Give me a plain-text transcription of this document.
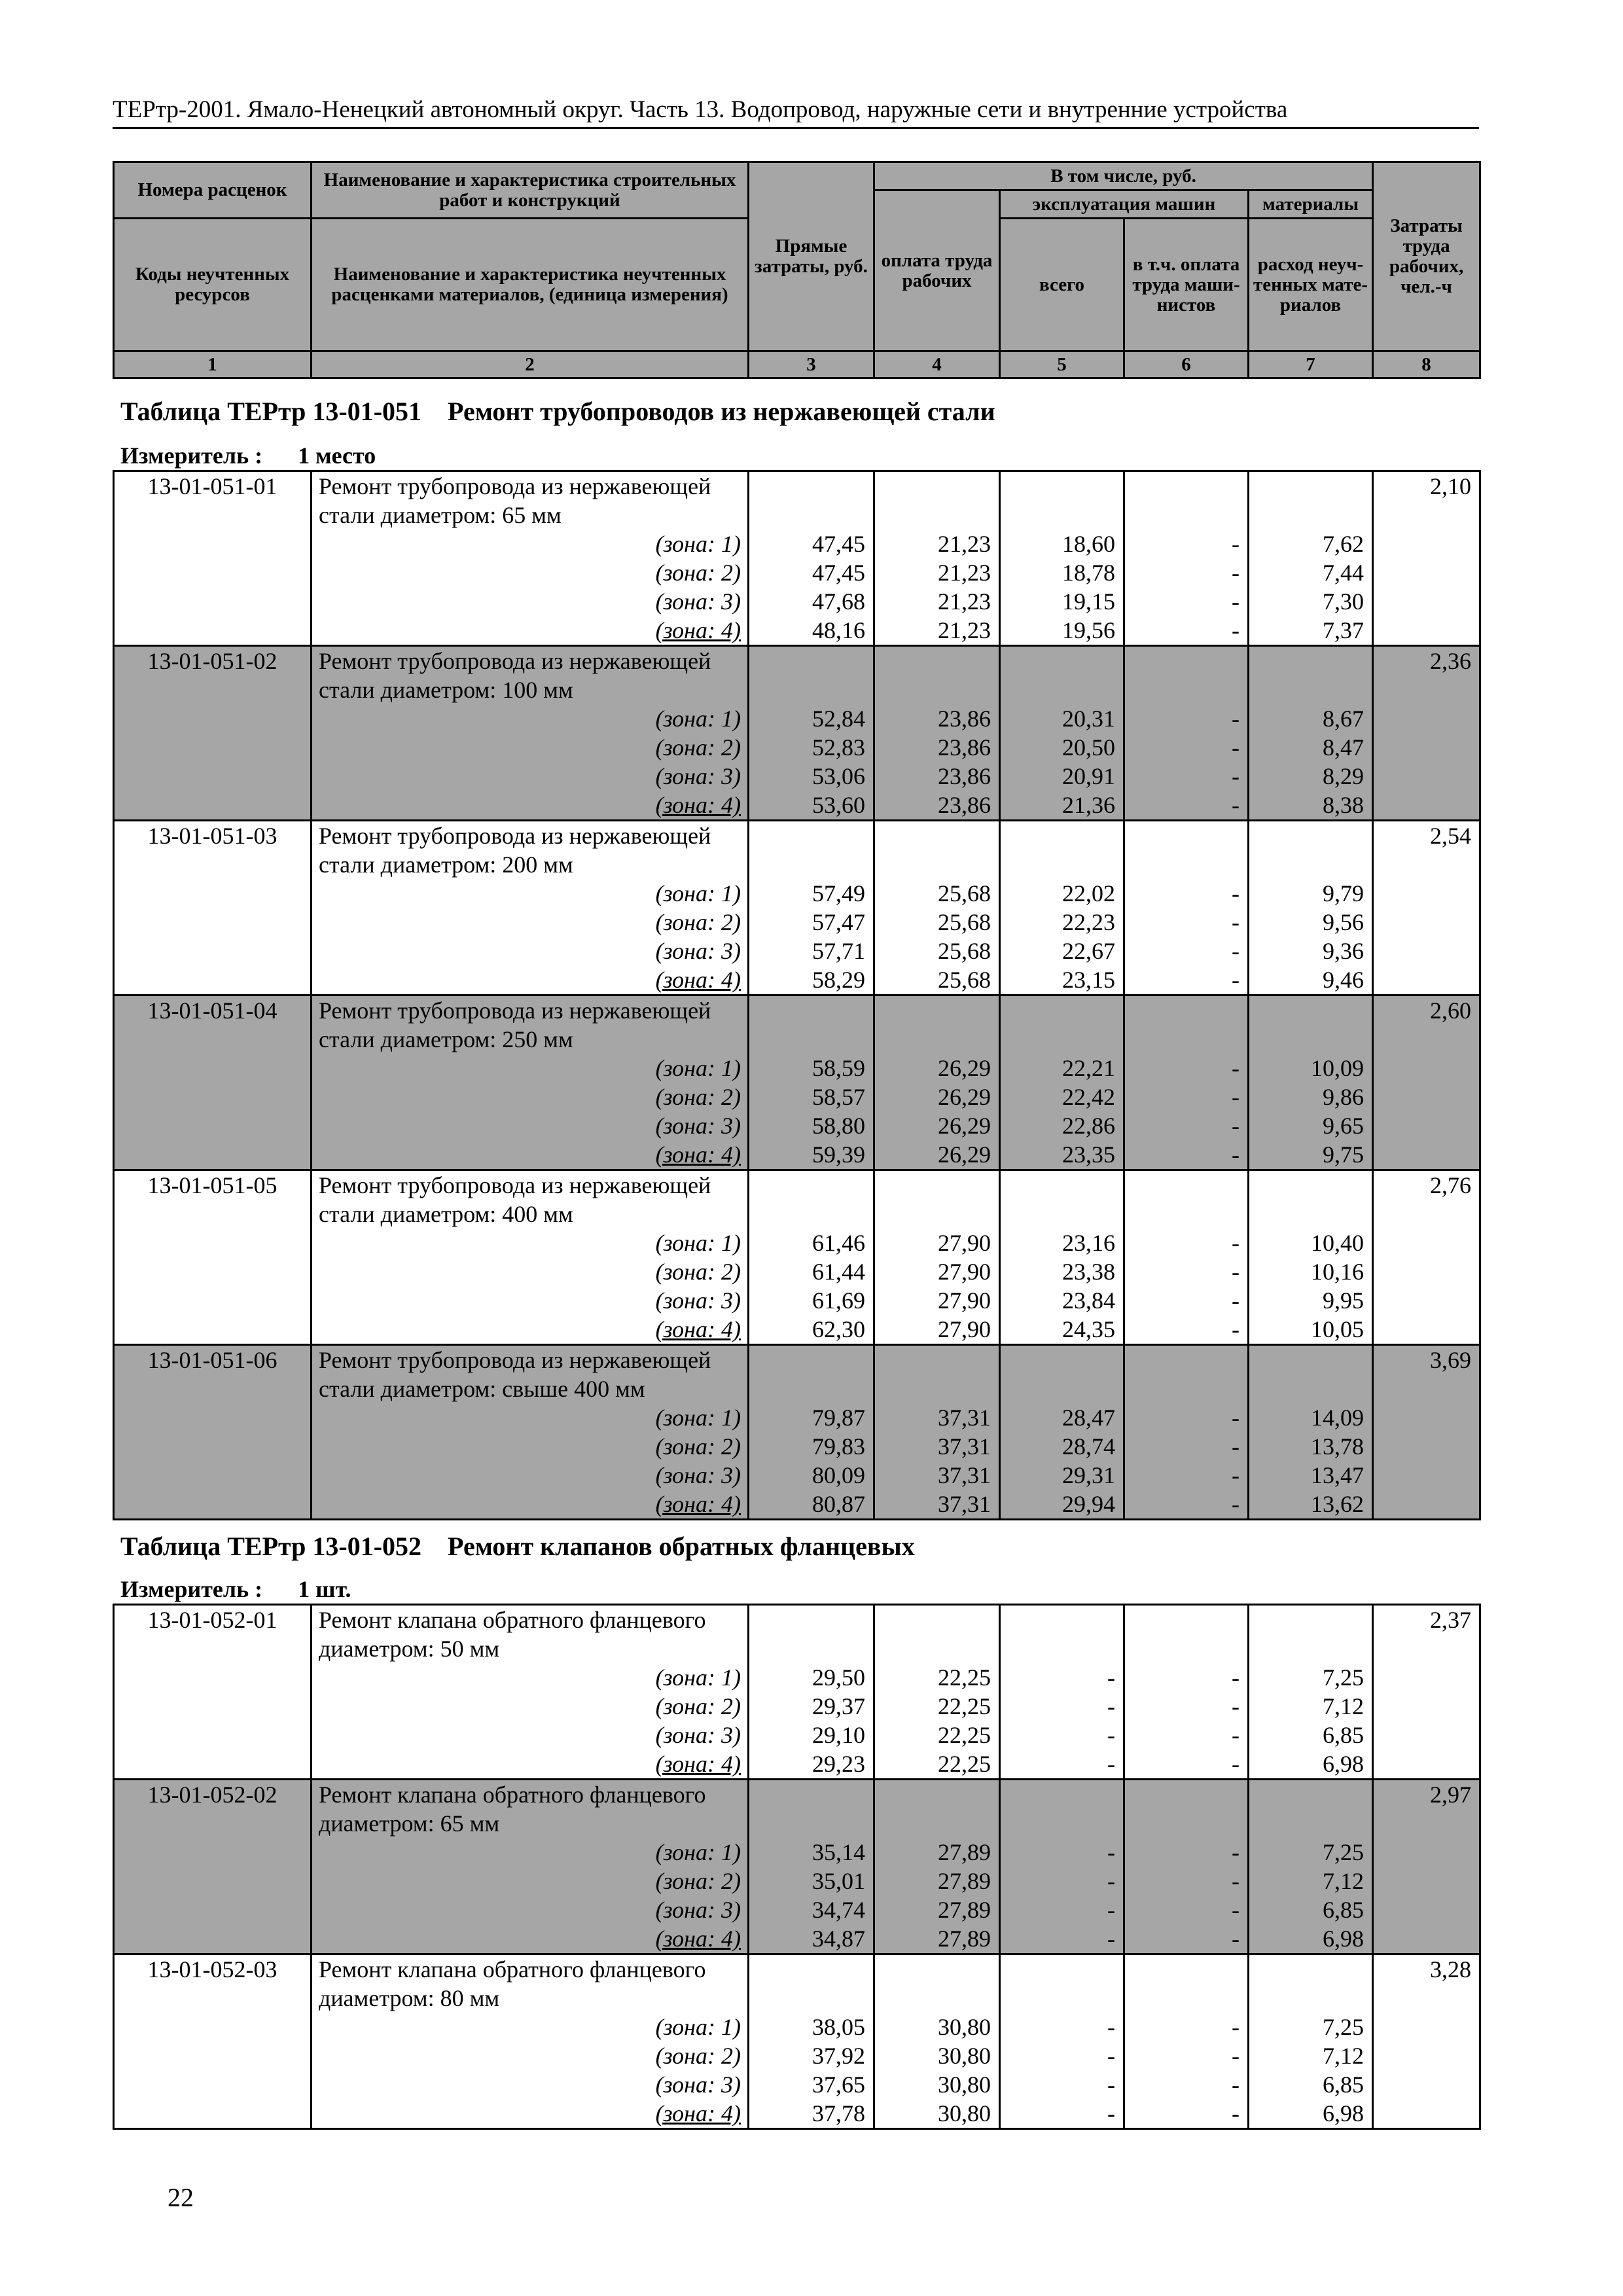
ТЕРтр-2001. Ямало-Ненецкий автономный округ. Часть 13. Водопровод, наружные сети и внутренние устройства
Номера расценок	Наименование и характеристика строительных работ и конструкций	Прямые затраты, руб.	В том числе, руб.				Затраты труда рабочих, чел.-ч
			оплата труда рабочих	эксплуатация машин		материалы	
Коды неучтенных ресурсов	Наименование и характеристика неучтенных расценками материалов, (единица измерения)			всего	в т.ч. оплата труда маши-нистов	расход неуч-тенных мате-риалов	
1	2	3	4	5	6	7	8
Таблица ТЕРтр 13-01-051 Ремонт трубопроводов из нержавеющей стали
Измеритель : 1 место
13-01-051-01	Ремонт трубопровода из нержавеющей						2,10
	стали диаметром: 65 мм						
	(зона: 1)	47,45	21,23	18,60	-	7,62	
	(зона: 2)	47,45	21,23	18,78	-	7,44	
	(зона: 3)	47,68	21,23	19,15	-	7,30	
	(зона: 4)	48,16	21,23	19,56	-	7,37	
13-01-051-02	Ремонт трубопровода из нержавеющей						2,36
	стали диаметром: 100 мм						
	(зона: 1)	52,84	23,86	20,31	-	8,67	
	(зона: 2)	52,83	23,86	20,50	-	8,47	
	(зона: 3)	53,06	23,86	20,91	-	8,29	
	(зона: 4)	53,60	23,86	21,36	-	8,38	
13-01-051-03	Ремонт трубопровода из нержавеющей						2,54
	стали диаметром: 200 мм						
	(зона: 1)	57,49	25,68	22,02	-	9,79	
	(зона: 2)	57,47	25,68	22,23	-	9,56	
	(зона: 3)	57,71	25,68	22,67	-	9,36	
	(зона: 4)	58,29	25,68	23,15	-	9,46	
13-01-051-04	Ремонт трубопровода из нержавеющей						2,60
	стали диаметром: 250 мм						
	(зона: 1)	58,59	26,29	22,21	-	10,09	
	(зона: 2)	58,57	26,29	22,42	-	9,86	
	(зона: 3)	58,80	26,29	22,86	-	9,65	
	(зона: 4)	59,39	26,29	23,35	-	9,75	
13-01-051-05	Ремонт трубопровода из нержавеющей						2,76
	стали диаметром: 400 мм						
	(зона: 1)	61,46	27,90	23,16	-	10,40	
	(зона: 2)	61,44	27,90	23,38	-	10,16	
	(зона: 3)	61,69	27,90	23,84	-	9,95	
	(зона: 4)	62,30	27,90	24,35	-	10,05	
13-01-051-06	Ремонт трубопровода из нержавеющей						3,69
	стали диаметром: свыше 400 мм						
	(зона: 1)	79,87	37,31	28,47	-	14,09	
	(зона: 2)	79,83	37,31	28,74	-	13,78	
	(зона: 3)	80,09	37,31	29,31	-	13,47	
	(зона: 4)	80,87	37,31	29,94	-	13,62	
Таблица ТЕРтр 13-01-052 Ремонт клапанов обратных фланцевых
Измеритель : 1 шт.
13-01-052-01	Ремонт клапана обратного фланцевого						2,37
	диаметром: 50 мм						
	(зона: 1)	29,50	22,25	-	-	7,25	
	(зона: 2)	29,37	22,25	-	-	7,12	
	(зона: 3)	29,10	22,25	-	-	6,85	
	(зона: 4)	29,23	22,25	-	-	6,98	
13-01-052-02	Ремонт клапана обратного фланцевого						2,97
	диаметром: 65 мм						
	(зона: 1)	35,14	27,89	-	-	7,25	
	(зона: 2)	35,01	27,89	-	-	7,12	
	(зона: 3)	34,74	27,89	-	-	6,85	
	(зона: 4)	34,87	27,89	-	-	6,98	
13-01-052-03	Ремонт клапана обратного фланцевого						3,28
	диаметром: 80 мм						
	(зона: 1)	38,05	30,80	-	-	7,25	
	(зона: 2)	37,92	30,80	-	-	7,12	
	(зона: 3)	37,65	30,80	-	-	6,85	
	(зона: 4)	37,78	30,80	-	-	6,98	
22
